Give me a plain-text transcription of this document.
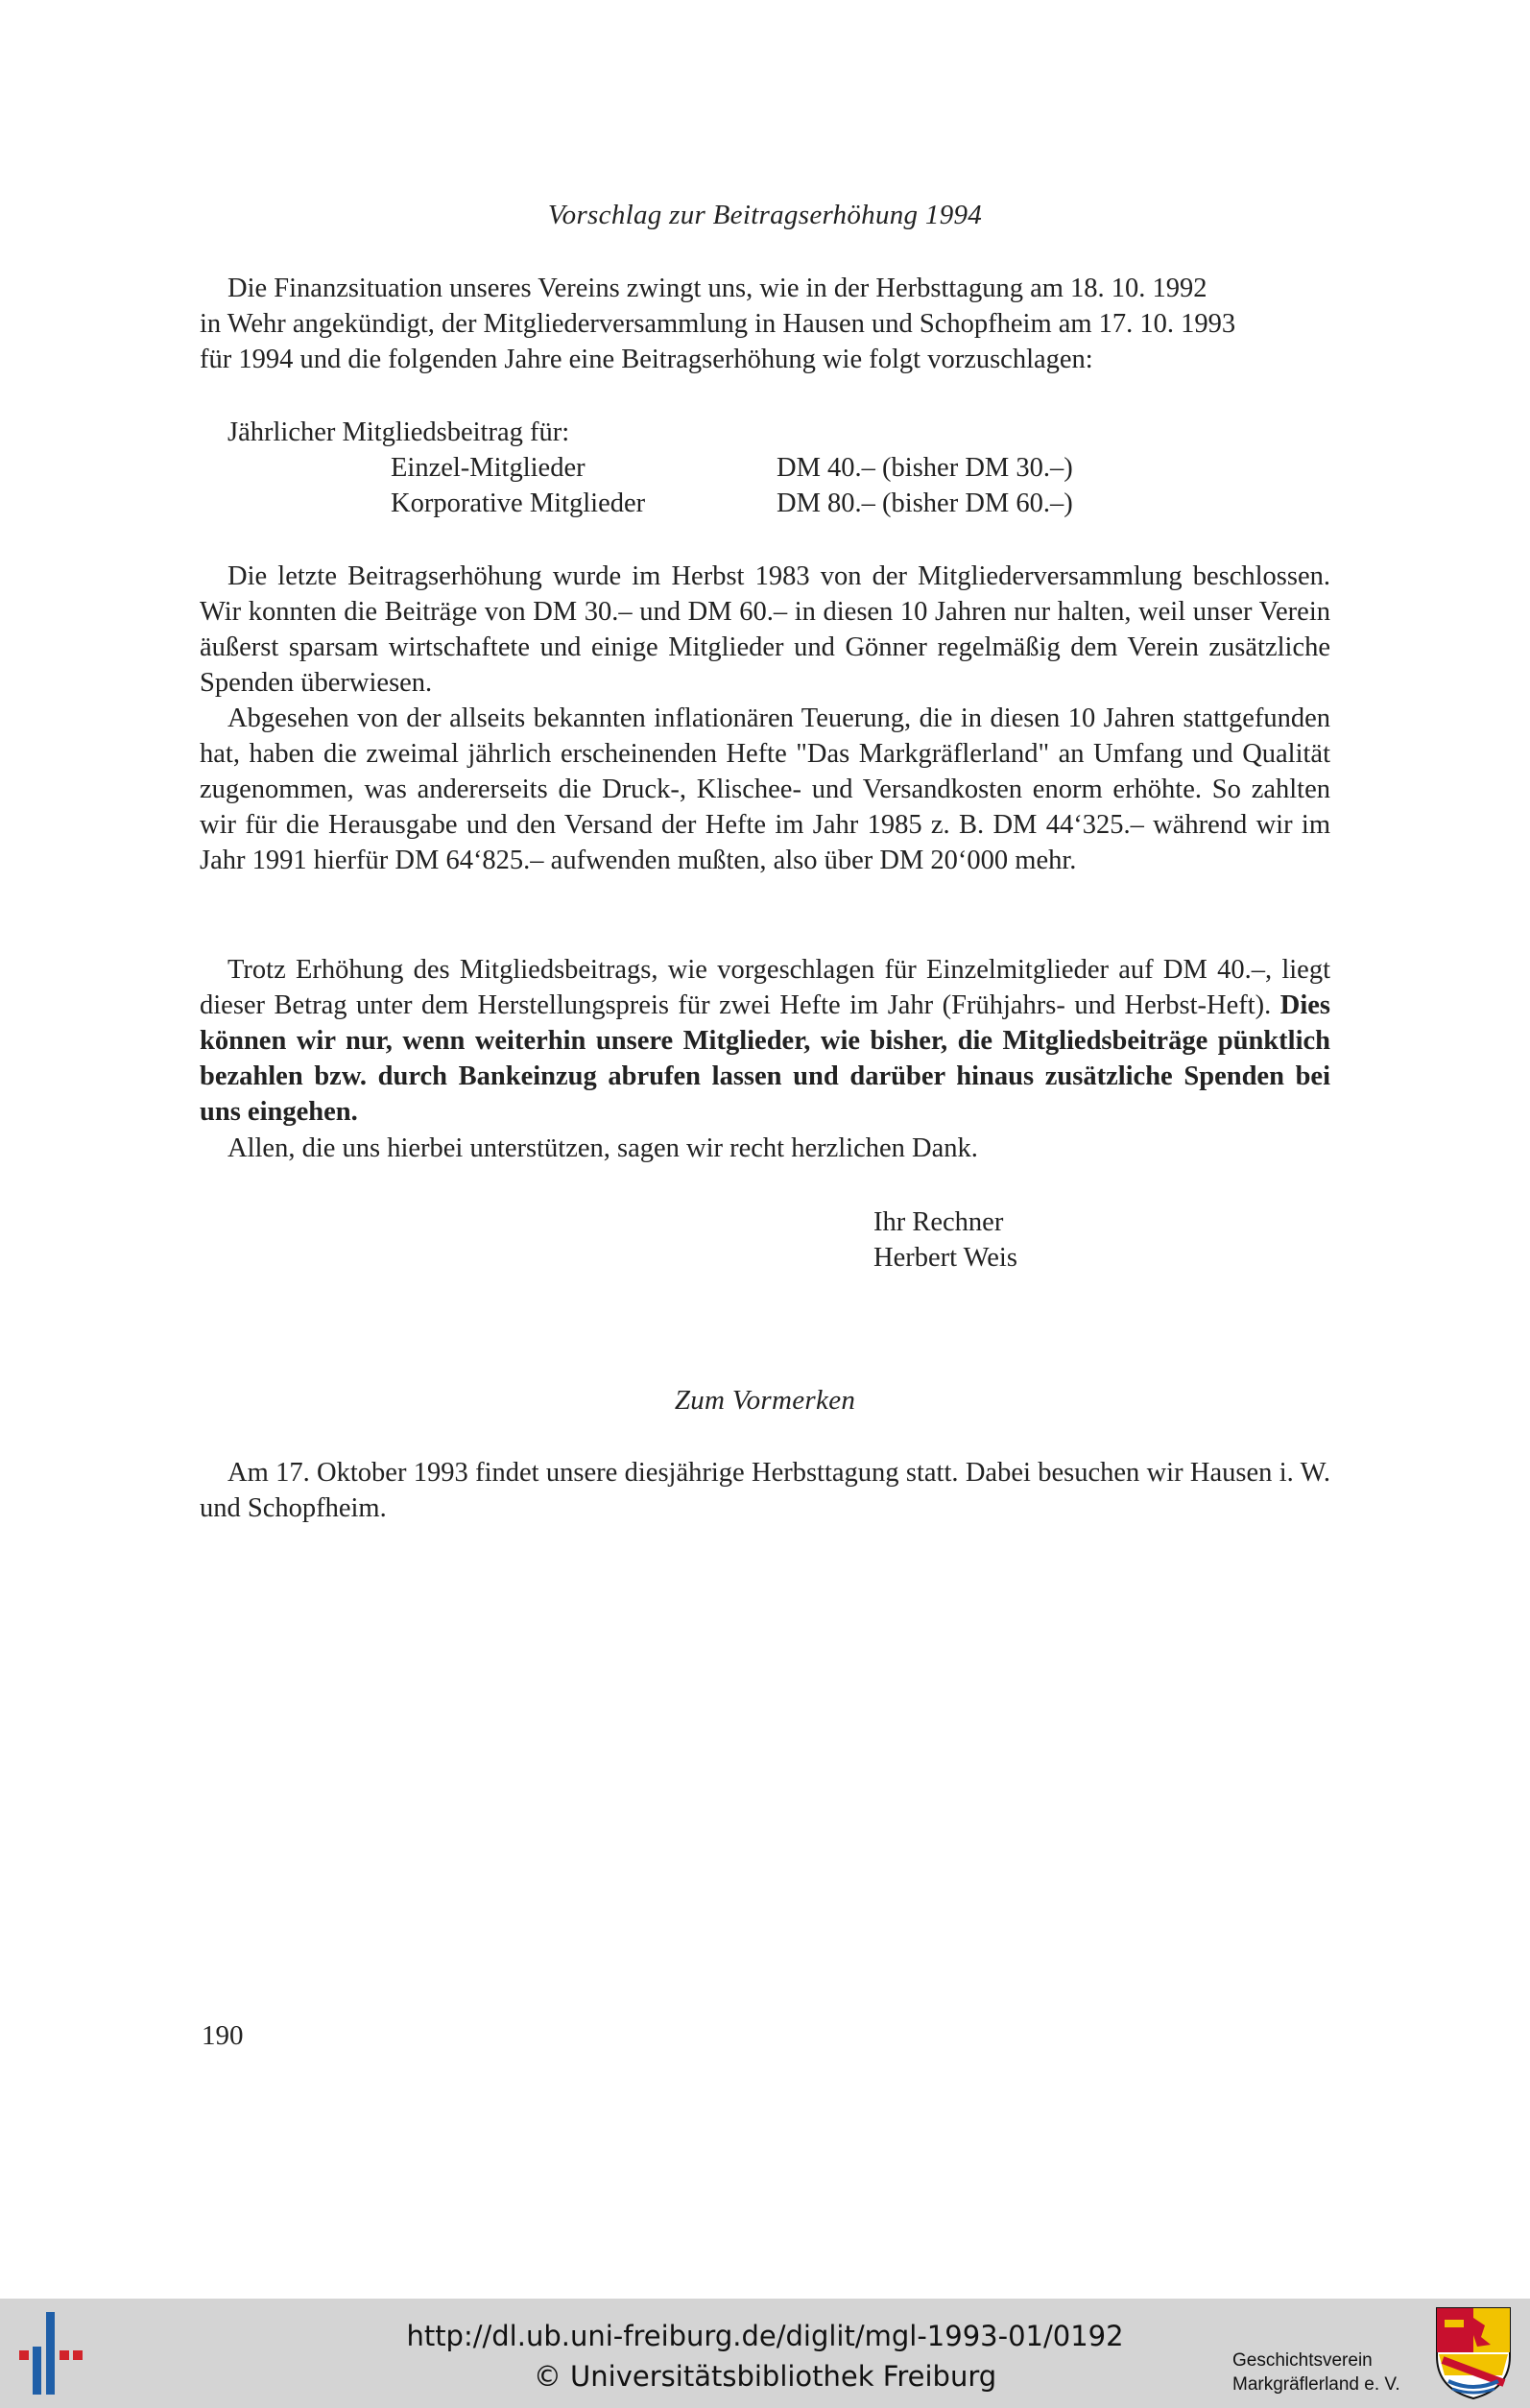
Vorschlag zur Beitragserhöhung 1994
Die Finanzsituation unseres Vereins zwingt uns, wie in der Herbsttagung am 18. 10. 1992
in Wehr angekündigt, der Mitgliederversammlung in Hausen und Schopfheim am 17. 10. 1993
für 1994 und die folgenden Jahre eine Beitragserhöhung wie folgt vorzuschlagen:
Jährlicher Mitgliedsbeitrag für:
Einzel-Mitglieder	DM 40.– (bisher DM 30.–)
Korporative Mitglieder	DM 80.– (bisher DM 60.–)

Die letzte Beitragserhöhung wurde im Herbst 1983 von der Mitgliederversammlung beschlossen. Wir konnten die Beiträge von DM 30.– und DM 60.– in diesen 10 Jahren nur halten, weil unser Verein äußerst sparsam wirtschaftete und einige Mitglieder und Gönner regelmäßig dem Verein zusätzliche Spenden überwiesen.

Abgesehen von der allseits bekannten inflationären Teuerung, die in diesen 10 Jahren stattgefunden hat, haben die zweimal jährlich erscheinenden Hefte "Das Markgräflerland" an Umfang und Qualität zugenommen, was andererseits die Druck-, Klischee- und Versandkosten enorm erhöhte. So zahlten wir für die Herausgabe und den Versand der Hefte im Jahr 1985 z. B. DM 44‘325.– während wir im Jahr 1991 hierfür DM 64‘825.– aufwenden mußten, also über DM 20‘000 mehr.

Trotz Erhöhung des Mitgliedsbeitrags, wie vorgeschlagen für Einzelmitglieder auf DM 40.–, liegt dieser Betrag unter dem Herstellungspreis für zwei Hefte im Jahr (Frühjahrs- und Herbst-Heft). Dies können wir nur, wenn weiterhin unsere Mitglieder, wie bisher, die Mitgliedsbeiträge pünktlich bezahlen bzw. durch Bankeinzug abrufen lassen und darüber hinaus zusätzliche Spenden bei uns eingehen.

Allen, die uns hierbei unterstützen, sagen wir recht herzlichen Dank.
Ihr Rechner
Herbert Weis
Zum Vormerken

Am 17. Oktober 1993 findet unsere diesjährige Herbsttagung statt. Dabei besuchen wir Hausen i. W. und Schopfheim.

190
http://dl.ub.uni-freiburg.de/diglit/mgl-1993-01/0192
© Universitätsbibliothek Freiburg	Geschichtsverein
Markgräflerland e. V.
